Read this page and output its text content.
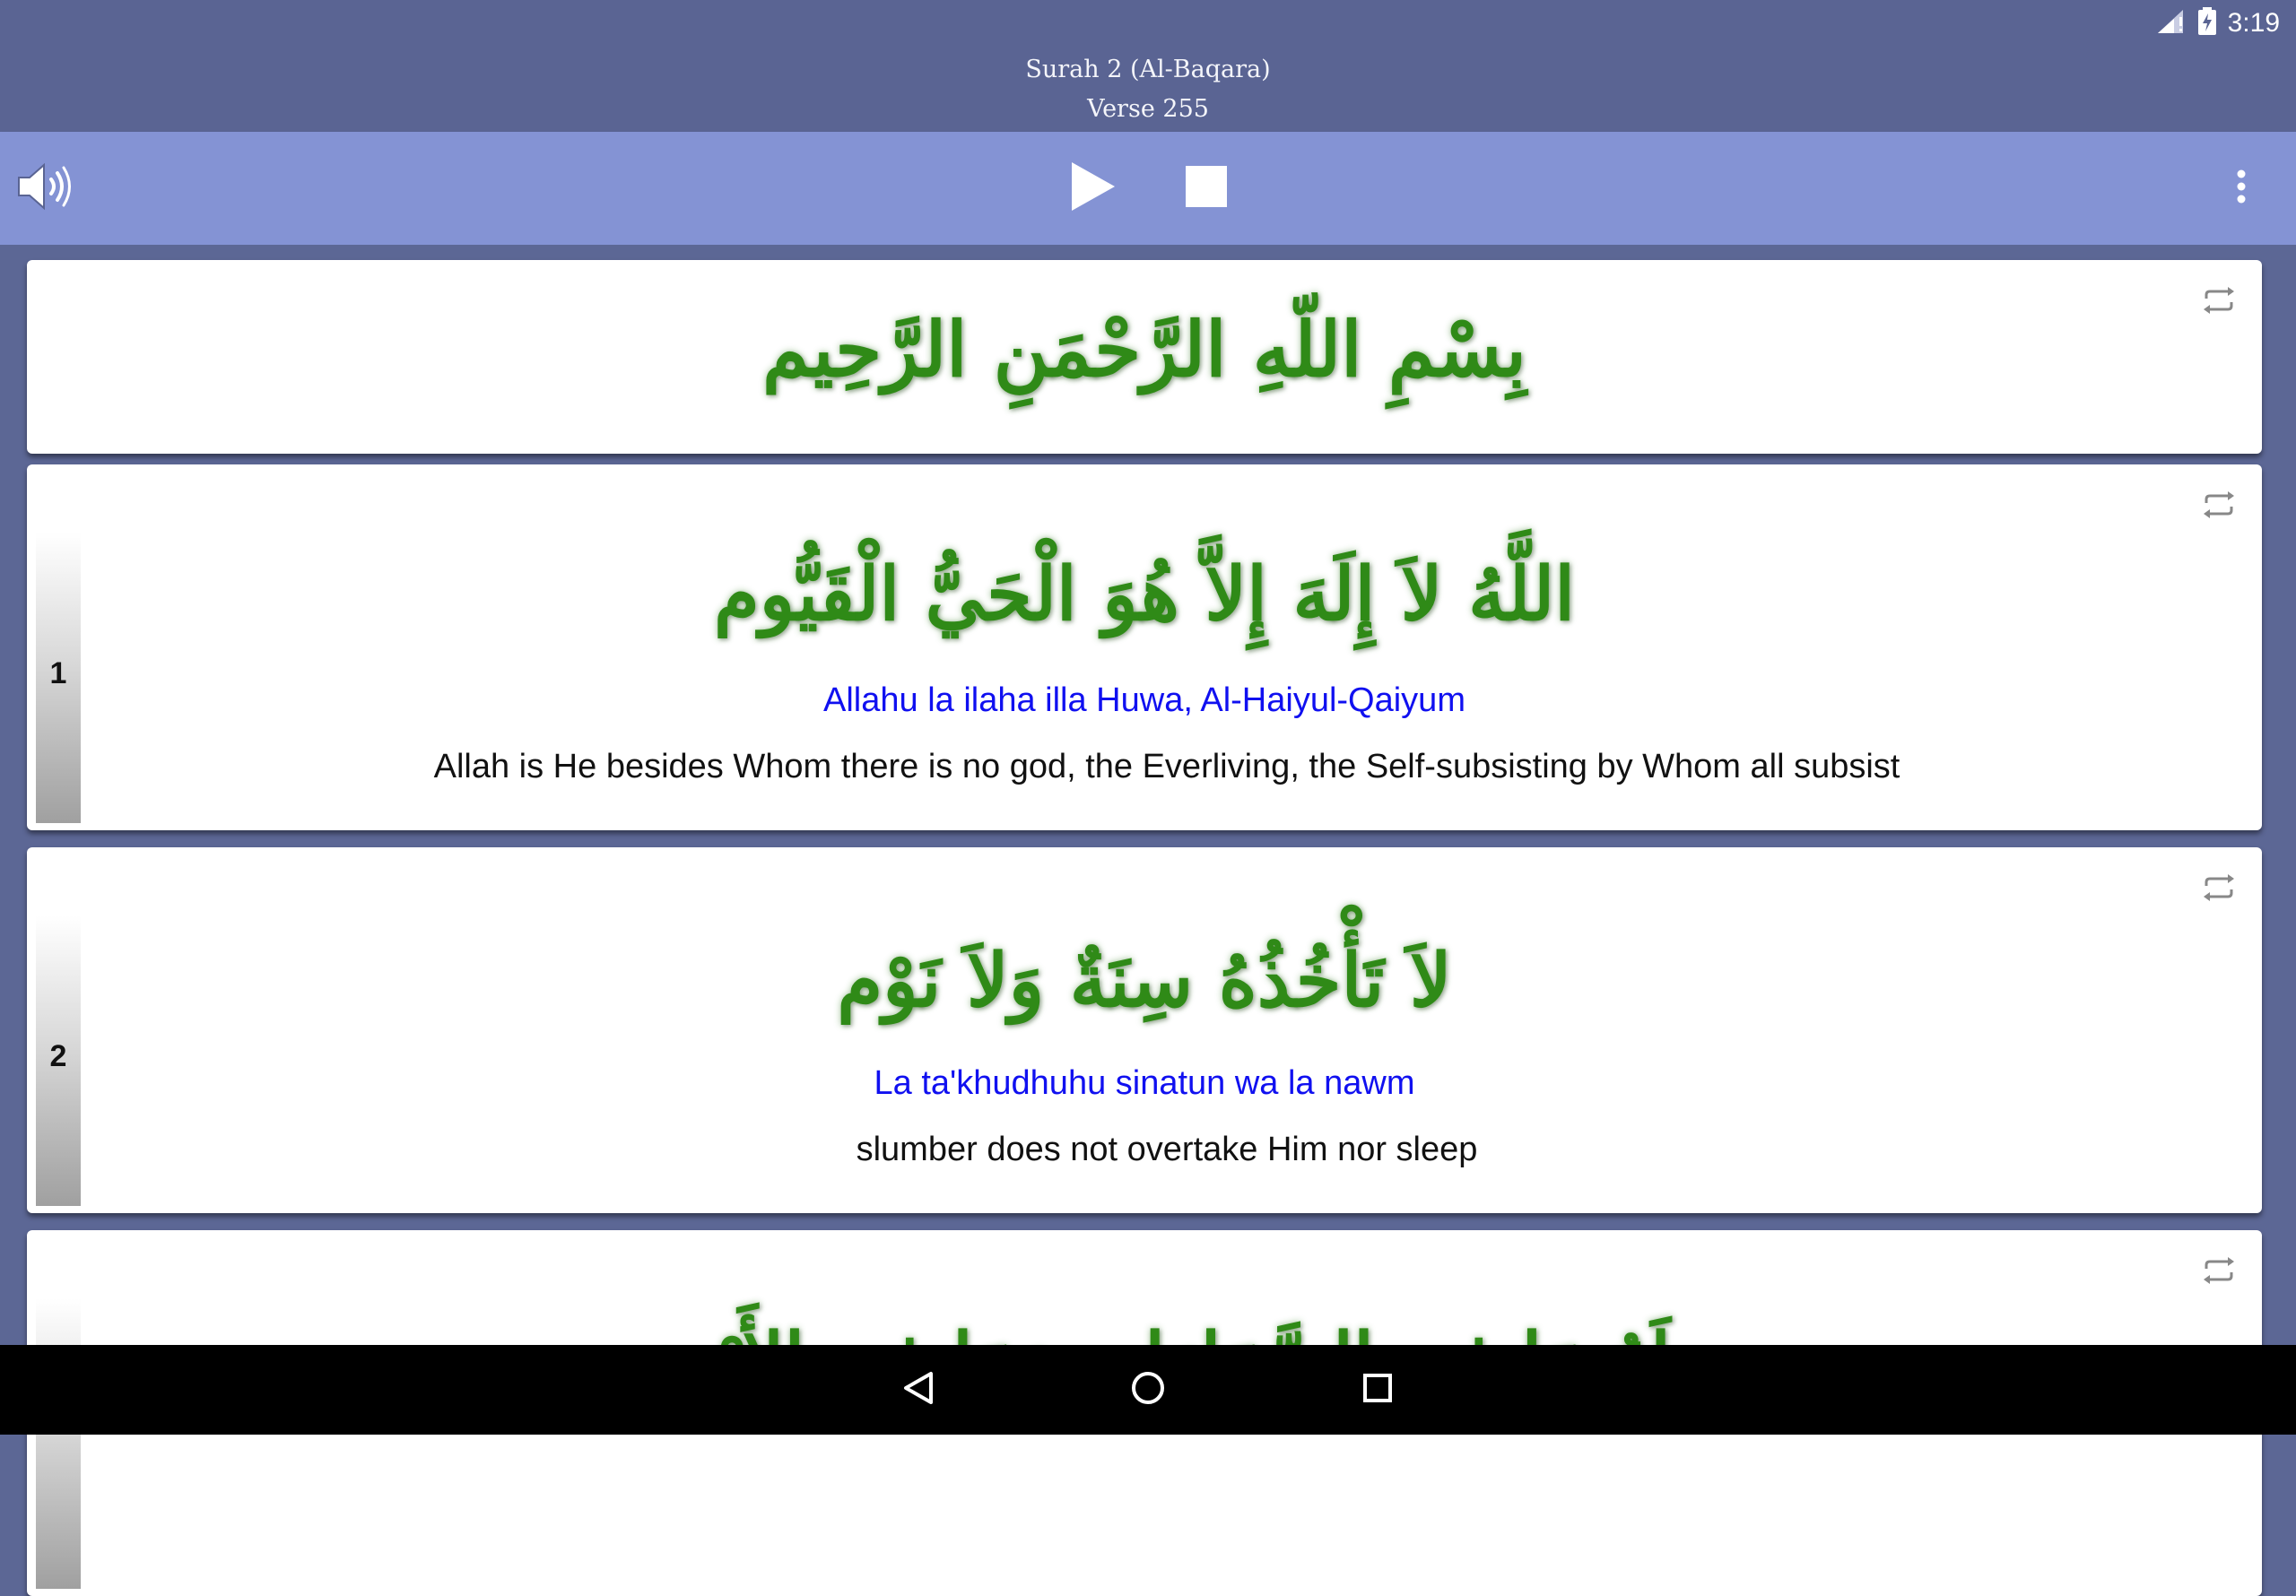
3:19
Surah 2 (Al-Baqara)
Verse 255
بِسْمِ اللّهِ الرَّحْمَنِ الرَّحِيم
1
اللَّهُ لاَ إِلَهَ إِلاَّ هُوَ الْحَيُّ الْقَيُّوم
Allahu la ilaha illa Huwa, Al-Haiyul-Qaiyum
Allah is He besides Whom there is no god, the Everliving, the Self-subsisting by Whom all subsist
2
لاَ تَأْخُذُهُ سِنَةٌ وَلاَ نَوْم
La ta'khudhuhu sinatun wa la nawm
slumber does not overtake Him nor sleep
